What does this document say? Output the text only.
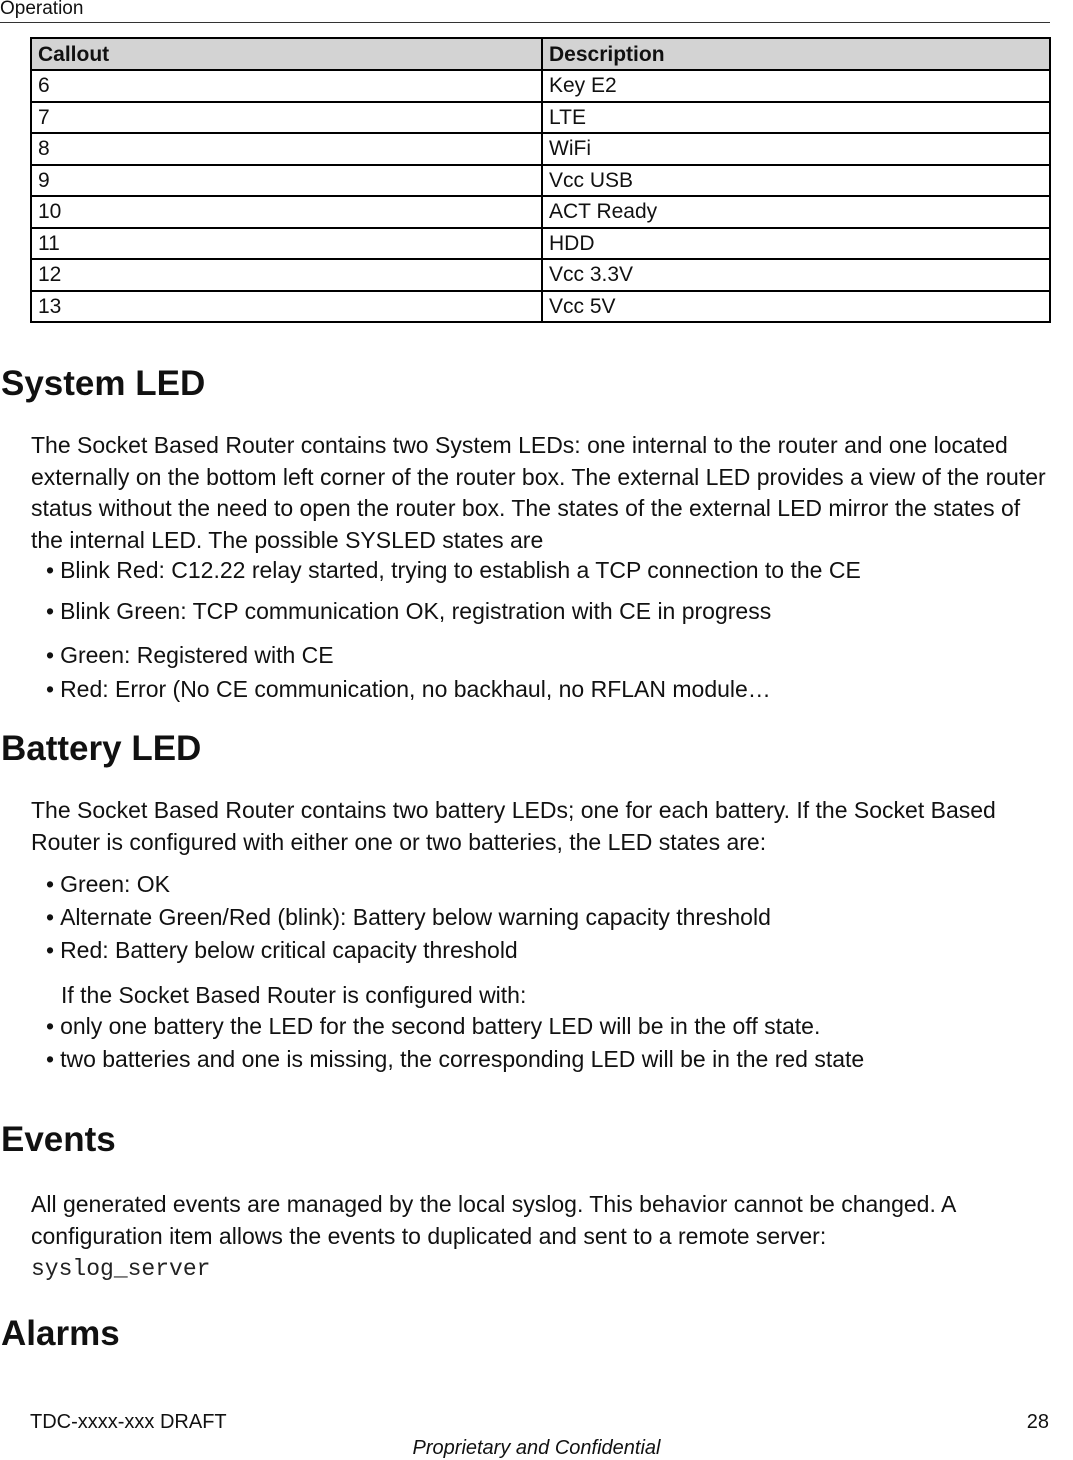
Operation
Callout	Description
6	Key E2
7	LTE
8	WiFi
9	Vcc USB
10	ACT Ready
11	HDD
12	Vcc 3.3V
13	Vcc 5V
System LED

The Socket Based Router contains two System LEDs: one internal to the router and one located externally on the bottom left corner of the router box. The external LED provides a view of the router status without the need to open the router box. The states of the external LED mirror the states of the internal LED. The possible SYSLED states are

• Blink Red: C12.22 relay started, trying to establish a TCP connection to the CE
• Blink Green: TCP communication OK, registration with CE in progress
• Green: Registered with CE
• Red: Error (No CE communication, no backhaul, no RFLAN module…
Battery LED

The Socket Based Router contains two battery LEDs; one for each battery. If the Socket Based Router is configured with either one or two batteries, the LED states are:

• Green: OK
• Alternate Green/Red (blink): Battery below warning capacity threshold
• Red: Battery below critical capacity threshold
If the Socket Based Router is configured with:
• only one battery the LED for the second battery LED will be in the off state.
• two batteries and one is missing, the corresponding LED will be in the red state
Events

All generated events are managed by the local syslog. This behavior cannot be changed. A configuration item allows the events to duplicated and sent to a remote server:
syslog_server

Alarms
TDC-xxxx-xxx DRAFT	28
Proprietary and Confidential
